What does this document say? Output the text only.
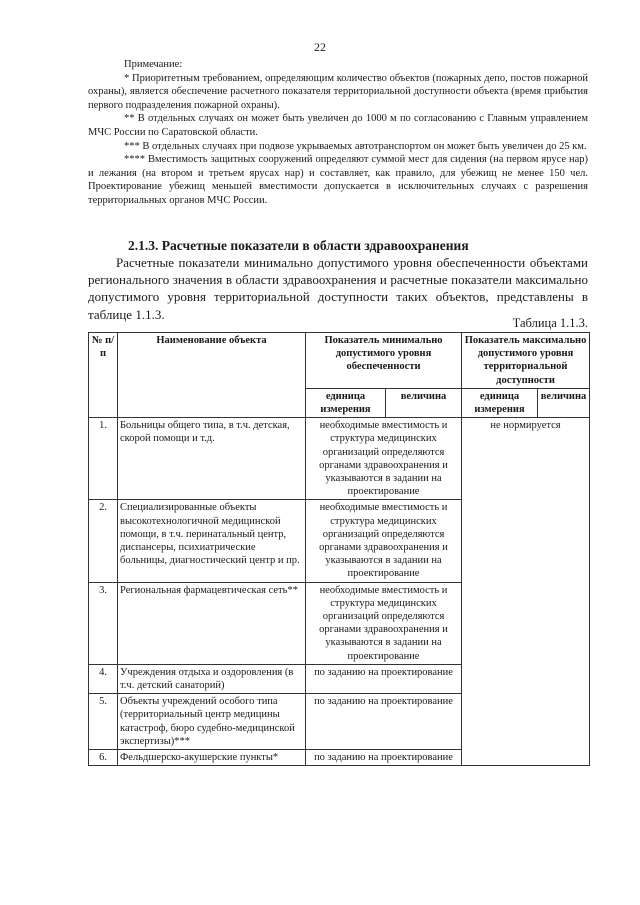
22

Примечание:

* Приоритетным требованием, определяющим количество объектов (пожарных депо, постов пожарной охраны), является обеспечение расчетного показателя территориальной доступности объекта (время прибытия первого подразделения пожарной охраны).

** В отдельных случаях он может быть увеличен до 1000 м по согласованию с Главным управлением МЧС России по Саратовской области.

*** В отдельных случаях при подвозе укрываемых автотранспортом он может быть увеличен до 25 км.

**** Вместимость защитных сооружений определяют суммой мест для сидения (на первом ярусе нар) и лежания (на втором и третьем ярусах нар) и составляет, как правило, для убежищ не менее 150 чел. Проектирование убежищ меньшей вместимости допускается в исключительных случаях с разрешения территориальных органов МЧС России.

2.1.3. Расчетные показатели в области здравоохранения
Расчетные показатели минимально допустимого уровня обеспеченности объектами регионального значения в области здравоохранения и расчетные показатели максимально допустимого уровня территориальной доступности таких объектов, представлены в таблице 1.1.3.
Таблица 1.1.3.
№ п/п	Наименование объекта	Показатель минимально допустимого уровня обеспеченности		Показатель максимально допустимого уровня территориальной доступности	
		единица измерения	величина	единица измерения	величина
1.	Больницы общего типа, в т.ч. детская, скорой помощи и т.д.	необходимые вместимость и структура медицинских организаций определяются органами здравоохранения и указываются в задании на проектирование		не нормируется	
2.	Специализированные объекты высокотехнологичной медицинской помощи, в т.ч. перинатальный центр, диспансеры, психиатрические больницы, диагностический центр и пр.	необходимые вместимость и структура медицинских организаций определяются органами здравоохранения и указываются в задании на проектирование			
3.	Региональная фармацевтическая сеть**	необходимые вместимость и структура медицинских организаций определяются органами здравоохранения и указываются в задании на проектирование			
4.	Учреждения отдыха и оздоровления (в т.ч. детский санаторий)	по заданию на проектирование			
5.	Объекты учреждений особого типа (территориальный центр медицины катастроф, бюро судебно-медицинской экспертизы)***	по заданию на проектирование			
6.	Фельдшерско-акушерские пункты*	по заданию на проектирование			
